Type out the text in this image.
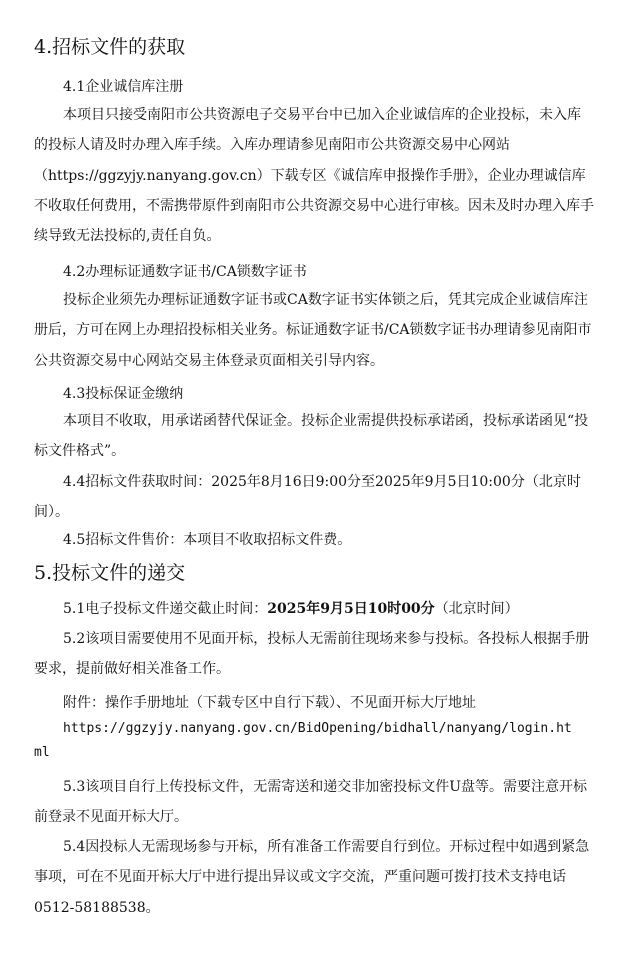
4.招标文件的获取
4.1企业诚信库注册
本项目只接受南阳市公共资源电子交易平台中已加入企业诚信库的企业投标，未入库的投标人请及时办理入库手续。入库办理请参见南阳市公共资源交易中心网站（https://ggzyjy.nanyang.gov.cn）下载专区《诚信库申报操作手册》，企业办理诚信库不收取任何费用，不需携带原件到南阳市公共资源交易中心进行审核。因未及时办理入库手续导致无法投标的,责任自负。
4.2办理标证通数字证书/CA锁数字证书
投标企业须先办理标证通数字证书或CA数字证书实体锁之后，凭其完成企业诚信库注册后，方可在网上办理招投标相关业务。标证通数字证书/CA锁数字证书办理请参见南阳市公共资源交易中心网站交易主体登录页面相关引导内容。
4.3投标保证金缴纳
本项目不收取，用承诺函替代保证金。投标企业需提供投标承诺函，投标承诺函见“投标文件格式”。
4.4招标文件获取时间：2025年8月16日9:00分至2025年9月5日10:00分（北京时间）。
4.5招标文件售价：本项目不收取招标文件费。
5.投标文件的递交
5.1电子投标文件递交截止时间：2025年9月5日10时00分（北京时间）
5.2该项目需要使用不见面开标，投标人无需前往现场来参与投标。各投标人根据手册要求，提前做好相关准备工作。
附件：操作手册地址（下载专区中自行下载）、不见面开标大厅地址
https://ggzyjy.nanyang.gov.cn/BidOpening/bidhall/nanyang/login.ht
ml
5.3该项目自行上传投标文件，无需寄送和递交非加密投标文件U盘等。需要注意开标前登录不见面开标大厅。
5.4因投标人无需现场参与开标，所有准备工作需要自行到位。开标过程中如遇到紧急事项，可在不见面开标大厅中进行提出异议或文字交流，严重问题可拨打技术支持电话0512-58188538。
